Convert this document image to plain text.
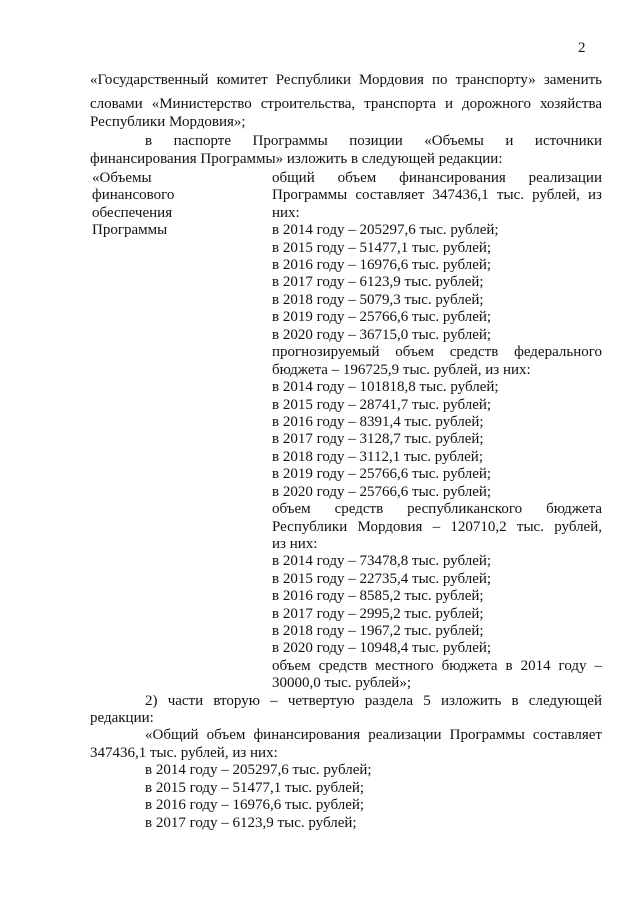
2
«Государственный комитет Республики Мордовия по транспорту» заменить
словами «Министерство строительства, транспорта и дорожного хозяйства
Республики Мордовия»;
в паспорте Программы позиции «Объемы и источники
финансирования Программы» изложить в следующей редакции:
«Объемы
финансового
обеспечения
Программы
общий объем финансирования реализации
Программы составляет 347436,1 тыс. рублей, из
них:
в 2014 году – 205297,6 тыс. рублей;
в 2015 году – 51477,1 тыс. рублей;
в 2016 году – 16976,6 тыс. рублей;
в 2017 году – 6123,9 тыс. рублей;
в 2018 году – 5079,3 тыс. рублей;
в 2019 году – 25766,6 тыс. рублей;
в 2020 году – 36715,0 тыс. рублей;
прогнозируемый объем средств федерального
бюджета – 196725,9 тыс. рублей, из них:
в 2014 году – 101818,8 тыс. рублей;
в 2015 году – 28741,7 тыс. рублей;
в 2016 году – 8391,4 тыс. рублей;
в 2017 году – 3128,7 тыс. рублей;
в 2018 году – 3112,1 тыс. рублей;
в 2019 году – 25766,6 тыс. рублей;
в 2020 году – 25766,6 тыс. рублей;
объем средств республиканского бюджета
Республики Мордовия – 120710,2 тыс. рублей,
из них:
в 2014 году – 73478,8 тыс. рублей;
в 2015 году – 22735,4 тыс. рублей;
в 2016 году – 8585,2 тыс. рублей;
в 2017 году – 2995,2 тыс. рублей;
в 2018 году – 1967,2 тыс. рублей;
в 2020 году – 10948,4 тыс. рублей;
объем средств местного бюджета в 2014 году –
30000,0 тыс. рублей»;
2) части вторую – четвертую раздела 5 изложить в следующей
редакции:
«Общий объем финансирования реализации Программы составляет
347436,1 тыс. рублей, из них:
в 2014 году – 205297,6 тыс. рублей;
в 2015 году – 51477,1 тыс. рублей;
в 2016 году – 16976,6 тыс. рублей;
в 2017 году – 6123,9 тыс. рублей;
